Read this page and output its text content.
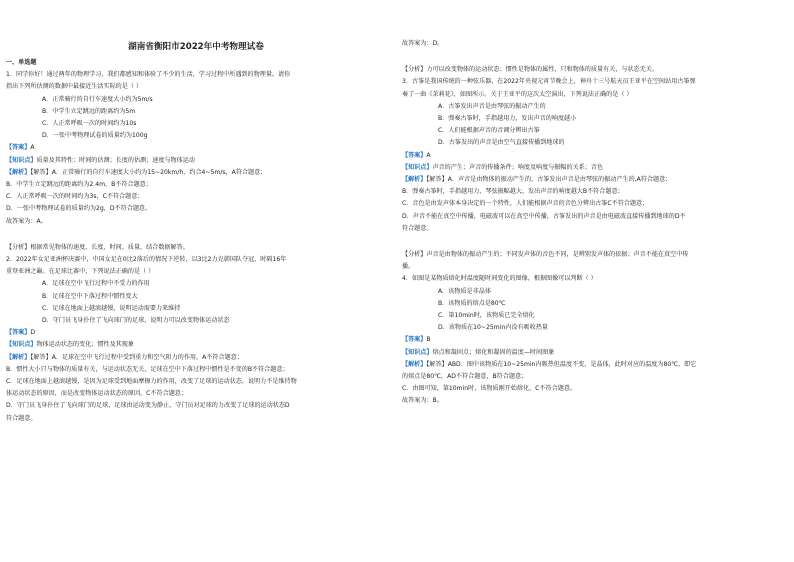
湖南省衡阳市2022年中考物理试卷
一、单选题

1．同学你好！通过两年的物理学习，我们都感知和体验了不少的生活，学习过程中所遇到的物理量。请你

指出下列所估测的数据中最接近生活实际的是（ ）

A．正常骑行的自行车速度大小约为5m/s

B．中学生立定跳远的距离约为5m

C．人正常呼吸一次的时间约为10s

D．一张中考物理试卷的质量约为100g

【答案】A

【知识点】质量及其特性；时间的估测；长度的估测；速度与物体运动

【解析】【解答】A．正常骑行的自行车速度大小约为15~20km/h，约合4~5m/s，A符合题意；

B．中学生立定跳远的距离约为2.4m，B不符合题意；

C．人正常呼吸一次的时间约为3s，C不符合题意；

D．一张中考物理试卷的质量约为2g，D不符合题意。

故答案为：A。

【分析】根据常见物体的速度、长度、时间、质量，结合数据解答。

2．2022年女足亚洲杯决赛中，中国女足在0比2落后的情况下逆转，以3比2力克韩国队夺冠，时隔16年

重登亚洲之巅。在足球比赛中，下列说法正确的是（ ）

A．足球在空中飞行过程中不受力的作用

B．足球在空中下落过程中惯性变大

C．足球在地面上越滚越慢，说明运动需要力来维持

D．守门员飞身扑住了飞向球门的足球，说明力可以改变物体运动状态

【答案】D

【知识点】物体运动状态的变化；惯性及其现象

【解析】【解答】A．足球在空中飞行过程中受到重力和空气阻力的作用，A不符合题意；

B．惯性大小只与物体的质量有关，与运动状态无关，足球在空中下落过程中惯性是不变的B不符合题意；

C．足球在地面上越滚越慢，是因为足球受到地面摩擦力的作用，改变了足球的运动状态，说明力不是维持物

体运动状态的原因，而是改变物体运动状态的原因，C不符合题意；

D．守门员飞身扑住了飞向球门的足球，足球由运动变为静止，守门员对足球的力改变了足球的运动状态D

符合题意。

故答案为：D。

【分析】力可以改变物体的运动状态；惯性是物体的属性，只和物体的质量有关，与状态无关。

3．古筝是我国传统的一种弦乐器，在2022年央视元宵节晚会上，神舟十三号航天员王亚平在空间站用古筝弹

奏了一曲《茉莉花》，如图所示。关于王亚平的这次太空演出，下列说法正确的是（ ）

A．古筝发出声音是由琴弦的振动产生的

B．弹奏古筝时，手指越用力，发出声音的响度越小

C．人们能根据声音的音调分辨出古筝

D．古筝发出的声音是由空气直接传播到地球的

【答案】A

【知识点】声音的产生；声音的传播条件；响度及响度与振幅的关系；音色

【解析】【解答】A．声音是由物体的振动产生的，古筝发出声音是由琴弦的振动产生的,A符合题意；

B．弹奏古筝时，手指越用力，琴弦振幅越大，发出声音的响度越大B不符合题意；

C．音色是由发声体本身决定的一个特性，人们能根据声音的音色分辨出古筝C不符合题意；

D．声音不能在真空中传播，电磁波可以在真空中传播，古筝发出的声音是由电磁波直接传播到地球的D不

符合题意。

【分析】声音是由物体的振动产生的；不同发声体的音色不同，是辨别发声体的依据；声音不能在真空中传

播。

4．如图是某物质熔化时温度随时间变化的图像，根据图像可以判断（ ）

A．该物质是非晶体

B．该物质的熔点是80℃

C．第10min时，该物质已完全熔化

D．该物质在10~25min内没有吸收热量

【答案】B

【知识点】熔点和凝固点；熔化和凝固的温度—时间图象

【解析】【解答】ABD．图中该物质在10~25min内吸热但温度不变，是晶体，此时对应的温度为80℃，即它

的熔点是80℃，AD不符合题意，B符合题意；

C．由图可知，第10min时，该物质刚开始熔化，C不符合题意。

故答案为：B。
